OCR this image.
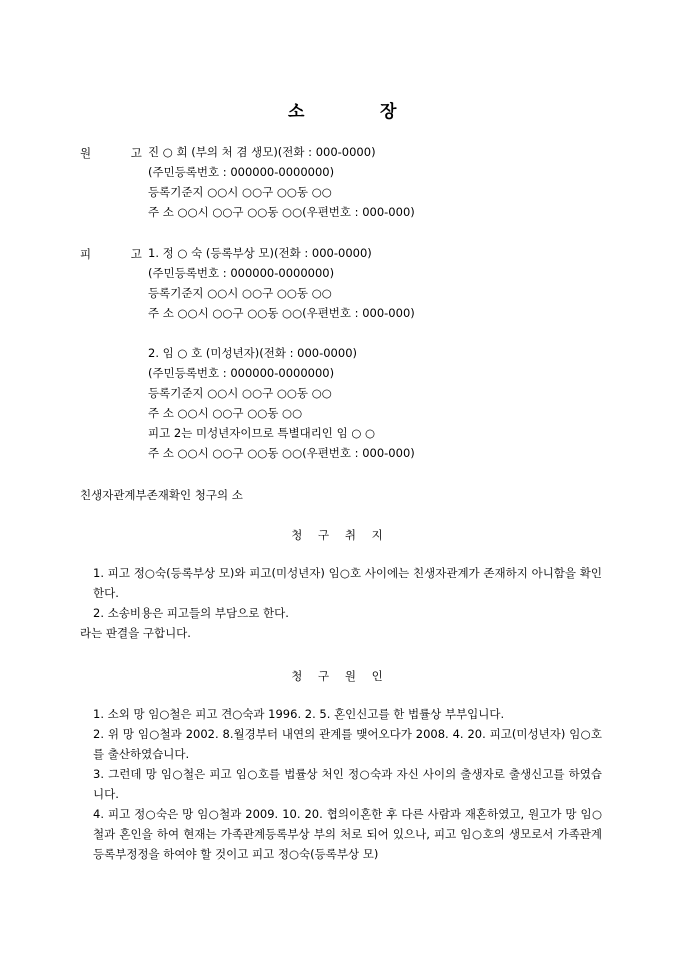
소	장
원 고
진 ○ 희 (부의 처 겸 생모)(전화 : 000-0000)
(주민등록번호 : 000000-0000000)
등록기준지 ○○시 ○○구 ○○동 ○○
주 소 ○○시 ○○구 ○○동 ○○(우편번호 : 000-000)
피 고
1. 정 ○ 숙 (등록부상 모)(전화 : 000-0000)
(주민등록번호 : 000000-0000000)
등록기준지 ○○시 ○○구 ○○동 ○○
주 소 ○○시 ○○구 ○○동 ○○(우편번호 : 000-000)
2. 임 ○ 호 (미성년자)(전화 : 000-0000)
(주민등록번호 : 000000-0000000)
등록기준지 ○○시 ○○구 ○○동 ○○
주 소 ○○시 ○○구 ○○동 ○○
피고 2는 미성년자이므로 특별대리인 임 ○ ○
주 소 ○○시 ○○구 ○○동 ○○(우편번호 : 000-000)
친생자관계부존재확인 청구의 소
청 구 취 지
1. 피고 정○숙(등록부상 모)와 피고(미성년자) 임○호 사이에는 친생자관계가 존재하지 아니함을 확인한다.
2. 소송비용은 피고들의 부담으로 한다.
라는 판결을 구합니다.
청 구 원 인
1. 소외 망 임○철은 피고 견○숙과 1996. 2. 5. 혼인신고를 한 법률상 부부입니다.
2. 위 망 임○철과 2002. 8.월경부터 내연의 관계를 맺어오다가 2008. 4. 20. 피고(미성년자) 임○호를 출산하였습니다.
3. 그런데 망 임○철은 피고 임○호를 법률상 처인 정○숙과 자신 사이의 출생자로 출생신고를 하였습니다.
4. 피고 정○숙은 망 임○철과 2009. 10. 20. 협의이혼한 후 다른 사람과 재혼하였고, 원고가 망 임○철과 혼인을 하여 현재는 가족관계등록부상 부의 처로 되어 있으나, 피고 임○호의 생모로서 가족관계등록부정정을 하여야 할 것이고 피고 정○숙(등록부상 모)
